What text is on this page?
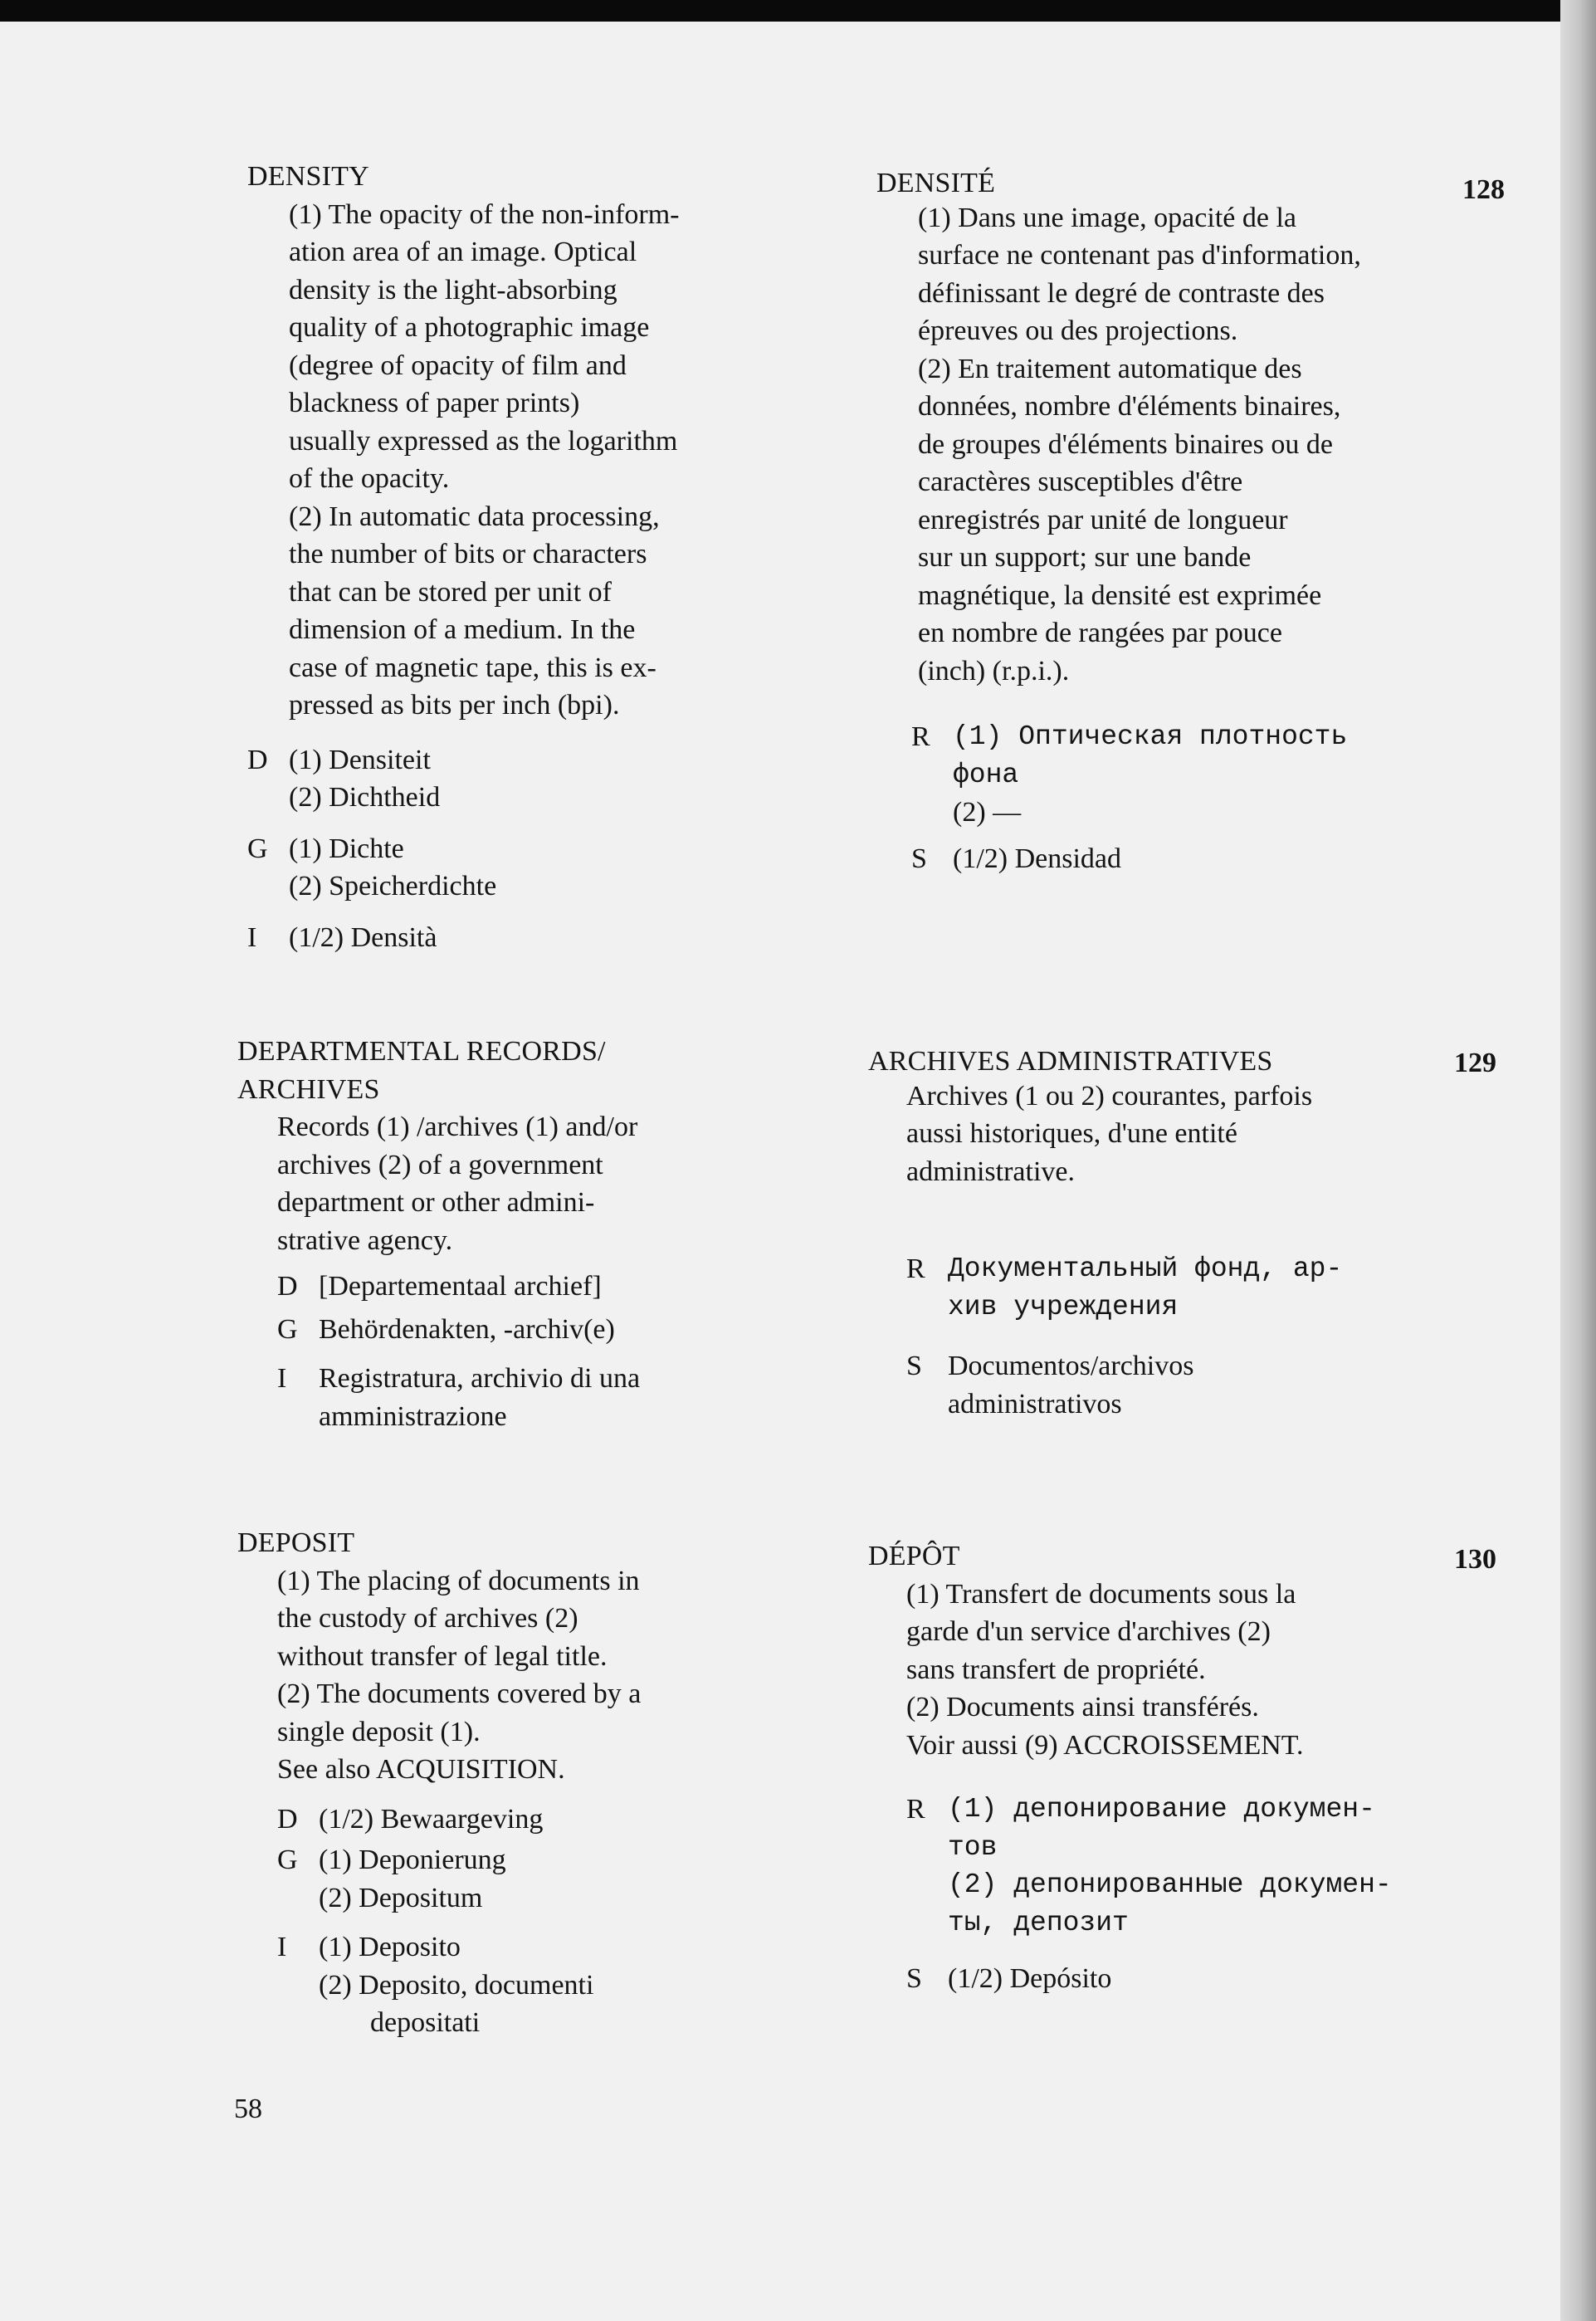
DENSITY

(1) The opacity of the non-inform-

ation area of an image. Optical

density is the light-absorbing

quality of a photographic image

(degree of opacity of film and

blackness of paper prints)

usually expressed as the logarithm

of the opacity.

(2) In automatic data processing,

the number of bits or characters

that can be stored per unit of

dimension of a medium. In the

case of magnetic tape, this is ex-

pressed as bits per inch (bpi).

D (1) Densiteit

(2) Dichtheid

G (1) Dichte

(2) Speicherdichte

I (1/2) Densità

DEPARTMENTAL RECORDS/

ARCHIVES

Records (1) /archives (1) and/or

archives (2) of a government

department or other admini-

strative agency.

D [Departementaal archief]

G Behördenakten, -archiv(e)

I Registratura, archivio di una

amministrazione

DEPOSIT

(1) The placing of documents in

the custody of archives (2)

without transfer of legal title.

(2) The documents covered by a

single deposit (1).

See also ACQUISITION.

D (1/2) Bewaargeving

G (1) Deponierung

(2) Depositum

I (1) Deposito

(2) Deposito, documenti

depositati

DENSITÉ

(1) Dans une image, opacité de la

surface ne contenant pas d'information,

définissant le degré de contraste des

épreuves ou des projections.

(2) En traitement automatique des

données, nombre d'éléments binaires,

de groupes d'éléments binaires ou de

caractères susceptibles d'être

enregistrés par unité de longueur

sur un support; sur une bande

magnétique, la densité est exprimée

en nombre de rangées par pouce

(inch) (r.p.i.).

R (1) Оптическая плотность

фона

(2) —

S (1/2) Densidad

128

ARCHIVES ADMINISTRATIVES

Archives (1 ou 2) courantes, parfois

aussi historiques, d'une entité

administrative.

R Документальный фонд, ар-

хив учреждения

S Documentos/archivos

administrativos

129

DÉPÔT

(1) Transfert de documents sous la

garde d'un service d'archives (2)

sans transfert de propriété.

(2) Documents ainsi transférés.

Voir aussi (9) ACCROISSEMENT.

R (1) депонирование докумен-

тов

(2) депонированные докумен-

ты, депозит

S (1/2) Depósito

130
58
